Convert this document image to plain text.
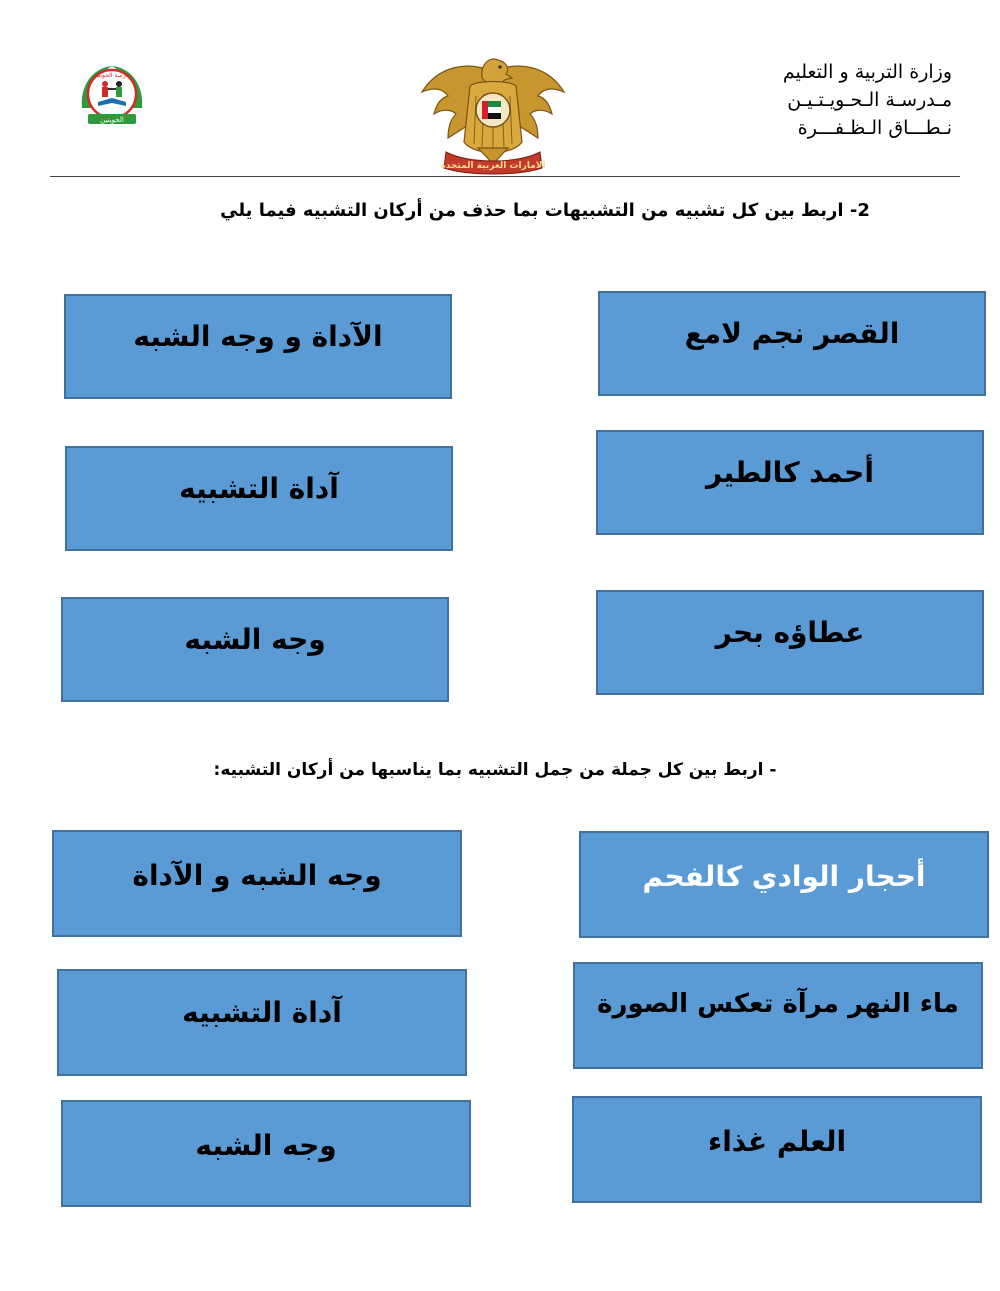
وزارة التربية و التعليم
مـدرسـة الـحـويـتـيـن
نـطـــاق الـظـفـــرة
الامارات العربية المتحدة
مدرسة الحويتين
الحويتين
2- اربط بين كل تشبيه من التشبيهات بما حذف من أركان التشبيه فيما يلي
القصر نجم لامع
أحمد كالطير
عطاؤه بحر
الآداة و وجه الشبه
آداة التشبيه
وجه الشبه
- اربط بين كل جملة من جمل التشبيه بما يناسبها من أركان التشبيه:
أحجار الوادي كالفحم
ماء النهر مرآة تعكس الصورة
العلم غذاء
وجه الشبه و الآداة
آداة التشبيه
وجه الشبه
